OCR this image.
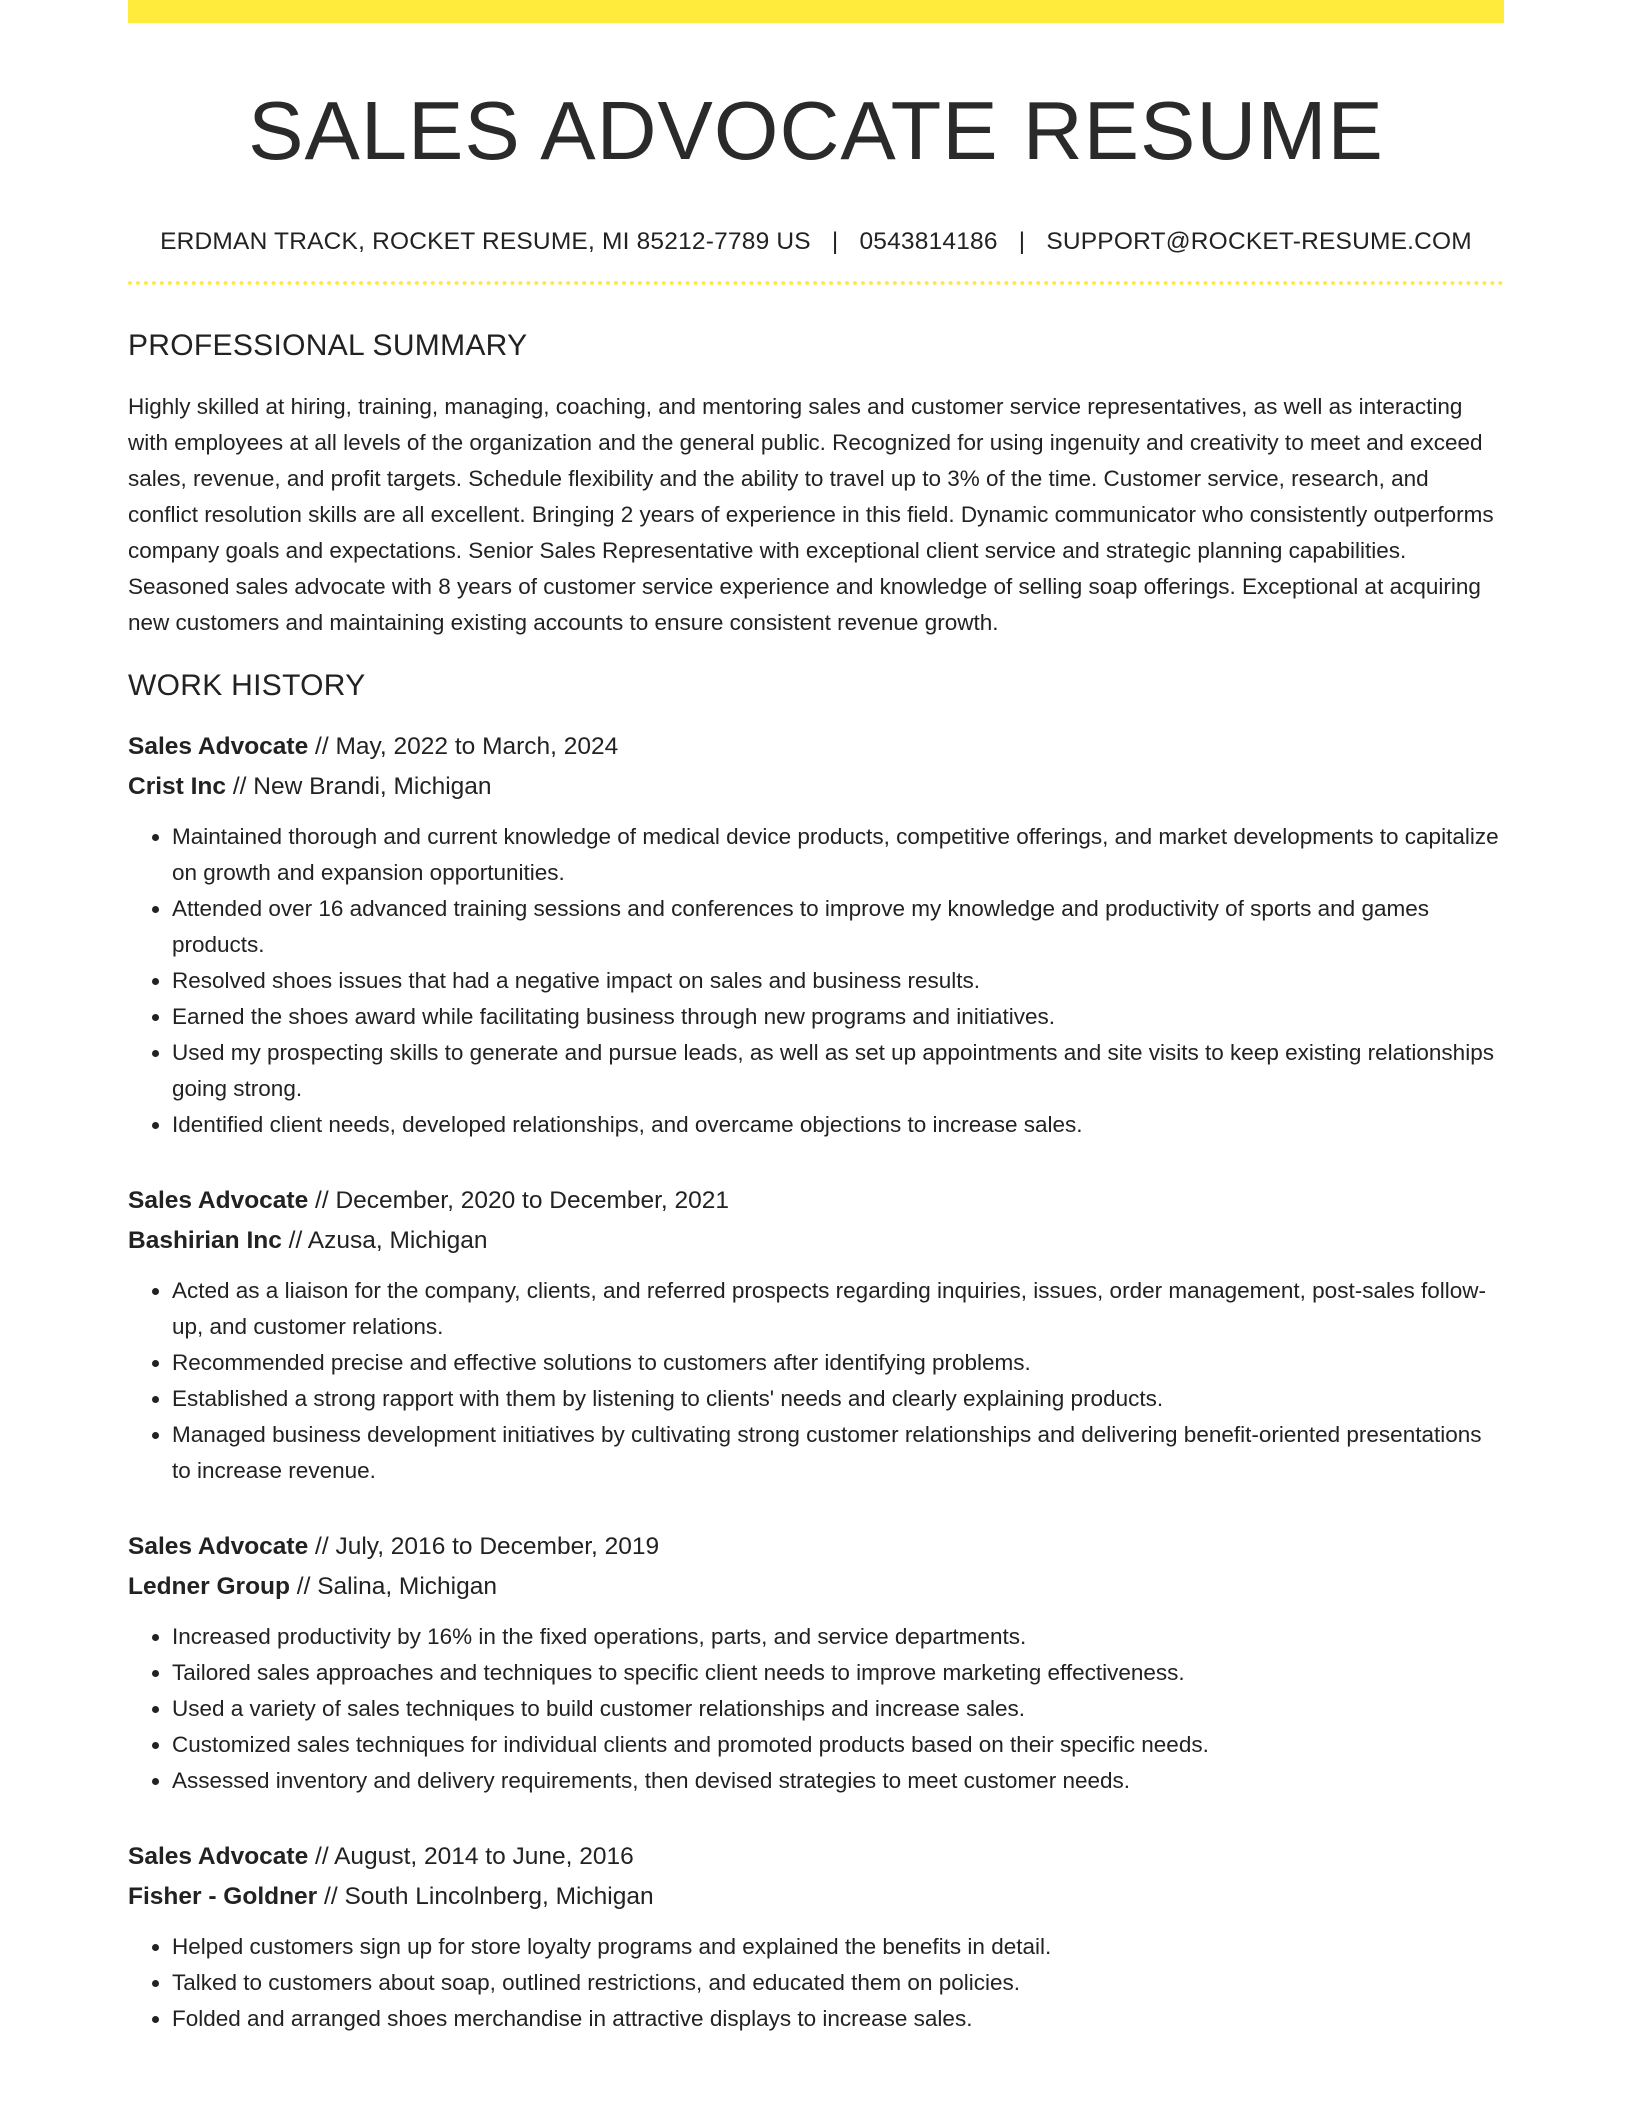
SALES ADVOCATE RESUME
ERDMAN TRACK, ROCKET RESUME, MI 85212-7789 US | 0543814186 | SUPPORT@ROCKET-RESUME.COM
PROFESSIONAL SUMMARY

Highly skilled at hiring, training, managing, coaching, and mentoring sales and customer service representatives, as well as interacting with employees at all levels of the organization and the general public. Recognized for using ingenuity and creativity to meet and exceed sales, revenue, and profit targets. Schedule flexibility and the ability to travel up to 3% of the time. Customer service, research, and conflict resolution skills are all excellent. Bringing 2 years of experience in this field. Dynamic communicator who consistently outperforms company goals and expectations. Senior Sales Representative with exceptional client service and strategic planning capabilities. Seasoned sales advocate with 8 years of customer service experience and knowledge of selling soap offerings. Exceptional at acquiring new customers and maintaining existing accounts to ensure consistent revenue growth.

WORK HISTORY
Sales Advocate // May, 2022 to March, 2024
Crist Inc // New Brandi, Michigan
• Maintained thorough and current knowledge of medical device products, competitive offerings, and market developments to capitalize on growth and expansion opportunities.
• Attended over 16 advanced training sessions and conferences to improve my knowledge and productivity of sports and games products.
• Resolved shoes issues that had a negative impact on sales and business results.
• Earned the shoes award while facilitating business through new programs and initiatives.
• Used my prospecting skills to generate and pursue leads, as well as set up appointments and site visits to keep existing relationships going strong.
• Identified client needs, developed relationships, and overcame objections to increase sales.
Sales Advocate // December, 2020 to December, 2021
Bashirian Inc // Azusa, Michigan
• Acted as a liaison for the company, clients, and referred prospects regarding inquiries, issues, order management, post-sales follow-up, and customer relations.
• Recommended precise and effective solutions to customers after identifying problems.
• Established a strong rapport with them by listening to clients' needs and clearly explaining products.
• Managed business development initiatives by cultivating strong customer relationships and delivering benefit-oriented presentations to increase revenue.
Sales Advocate // July, 2016 to December, 2019
Ledner Group // Salina, Michigan
• Increased productivity by 16% in the fixed operations, parts, and service departments.
• Tailored sales approaches and techniques to specific client needs to improve marketing effectiveness.
• Used a variety of sales techniques to build customer relationships and increase sales.
• Customized sales techniques for individual clients and promoted products based on their specific needs.
• Assessed inventory and delivery requirements, then devised strategies to meet customer needs.
Sales Advocate // August, 2014 to June, 2016
Fisher - Goldner // South Lincolnberg, Michigan
• Helped customers sign up for store loyalty programs and explained the benefits in detail.
• Talked to customers about soap, outlined restrictions, and educated them on policies.
• Folded and arranged shoes merchandise in attractive displays to increase sales.
